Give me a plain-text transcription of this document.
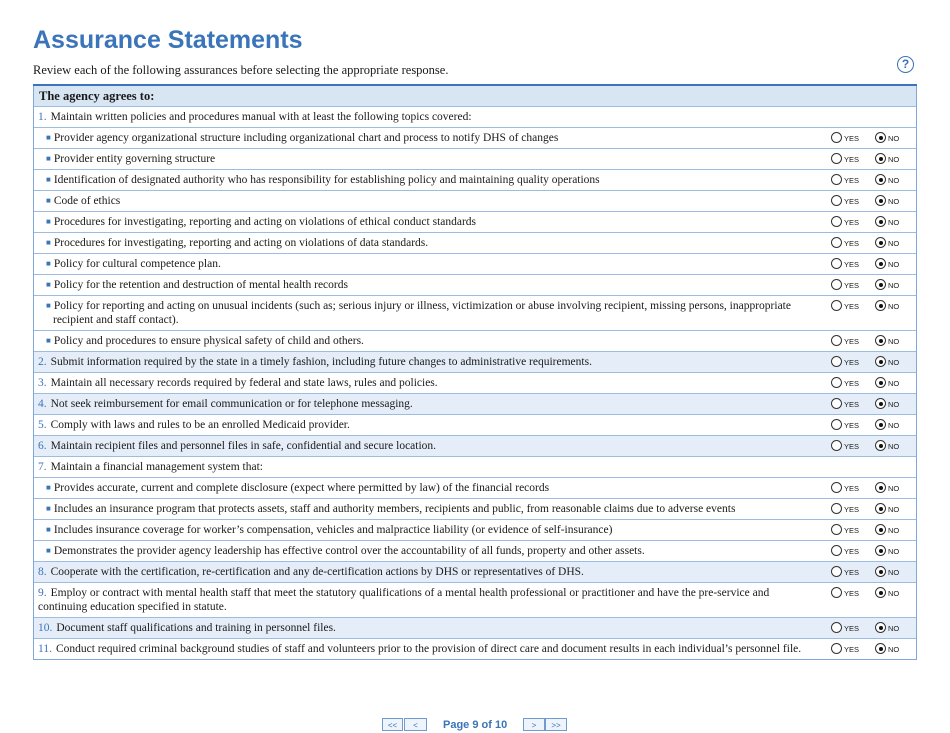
Assurance Statements
Review each of the following assurances before selecting the appropriate response.	?
The agency agrees to:
1. Maintain written policies and procedures manual with at least the following topics covered:
■ Provider agency organizational structure including organizational chart and process to notify DHS of changes	YES	NO
■ Provider entity governing structure	YES	NO
■ Identification of designated authority who has responsibility for establishing policy and maintaining quality operations	YES	NO
■ Code of ethics	YES	NO
■ Procedures for investigating, reporting and acting on violations of ethical conduct standards	YES	NO
■ Procedures for investigating, reporting and acting on violations of data standards.	YES	NO
■ Policy for cultural competence plan.	YES	NO
■ Policy for the retention and destruction of mental health records	YES	NO
■ Policy for reporting and acting on unusual incidents (such as; serious injury or illness, victimization or abuse involving recipient, missing persons, inappropriate recipient and staff contact).
YES	NO
■ Policy and procedures to ensure physical safety of child and others.	YES	NO
2. Submit information required by the state in a timely fashion, including future changes to administrative requirements.	YES	NO
3. Maintain all necessary records required by federal and state laws, rules and policies.	YES	NO
4. Not seek reimbursement for email communication or for telephone messaging.	YES	NO
5. Comply with laws and rules to be an enrolled Medicaid provider.	YES	NO
6. Maintain recipient files and personnel files in safe, confidential and secure location.	YES	NO
7. Maintain a financial management system that:
■ Provides accurate, current and complete disclosure (expect where permitted by law) of the financial records	YES	NO
■ Includes an insurance program that protects assets, staff and authority members, recipients and public, from reasonable claims due to adverse events	YES	NO
■ Includes insurance coverage for worker’s compensation, vehicles and malpractice liability (or evidence of self-insurance)	YES	NO
■ Demonstrates the provider agency leadership has effective control over the accountability of all funds, property and other assets.	YES	NO
8. Cooperate with the certification, re-certification and any de-certification actions by DHS or representatives of DHS.	YES	NO
9. Employ or contract with mental health staff that meet the statutory qualifications of a mental health professional or practitioner and have the pre-service and continuing education specified in statute.
YES	NO
10. Document staff qualifications and training in personnel files.	YES	NO
11. Conduct required criminal background studies of staff and volunteers prior to the provision of direct care and document results in each individual’s personnel file.	YES	NO
<<	<	Page 9 of 10	>	>>
